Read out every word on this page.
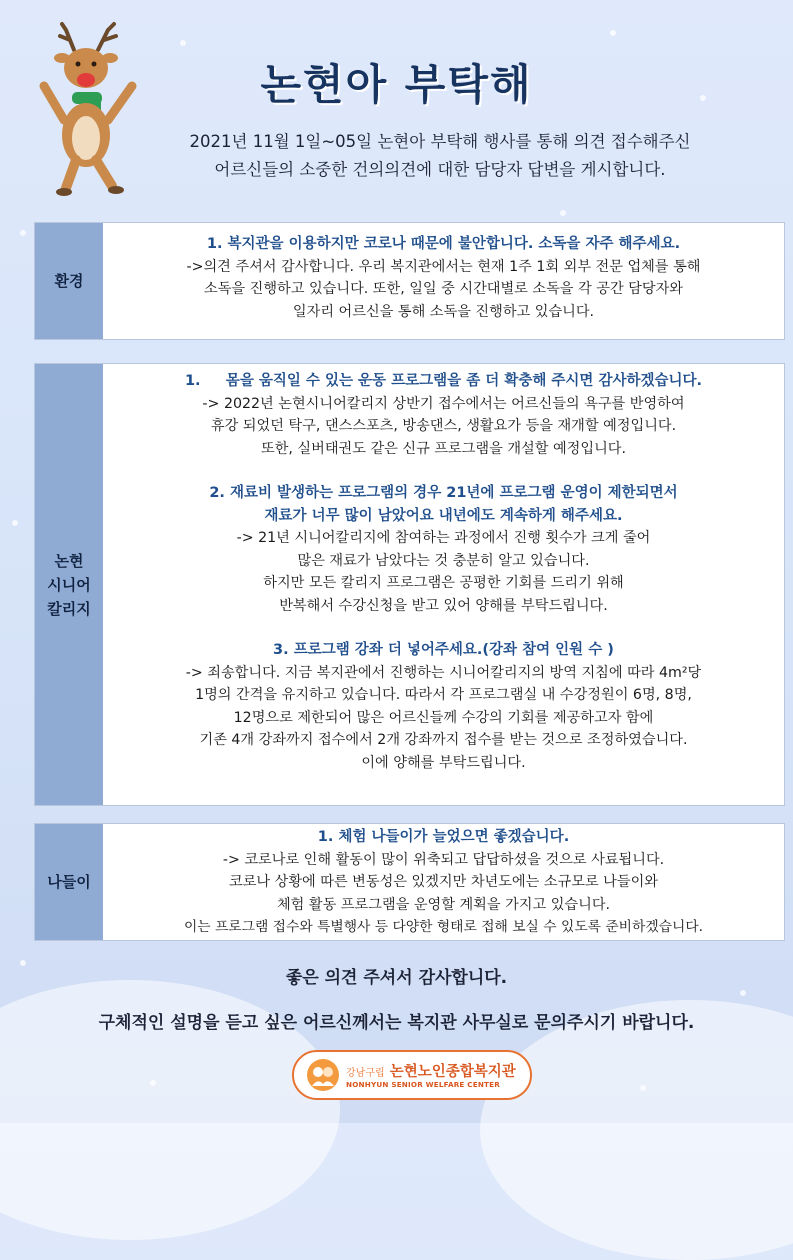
논현아 부탁해
2021년 11월 1일~05일 논현아 부탁해 행사를 통해 의견 접수해주신
어르신들의 소중한 건의의견에 대한 담당자 답변을 게시합니다.
환경
1. 복지관을 이용하지만 코로나 때문에 불안합니다. 소독을 자주 해주세요.
->의견 주셔서 감사합니다. 우리 복지관에서는 현재 1주 1회 외부 전문 업체를 통해
소독을 진행하고 있습니다. 또한, 일일 중 시간대별로 소독을 각 공간 담당자와
일자리 어르신을 통해 소독을 진행하고 있습니다.
논현
시니어
칼리지
1.     몸을 움직일 수 있는 운동 프로그램을 좀 더 확충해 주시면 감사하겠습니다.
-> 2022년 논현시니어칼리지 상반기 접수에서는 어르신들의 욕구를 반영하여
휴강 되었던 탁구, 댄스스포츠, 방송댄스, 생활요가 등을 재개할 예정입니다.
또한, 실버태권도 같은 신규 프로그램을 개설할 예정입니다.
2. 재료비 발생하는 프로그램의 경우 21년에 프로그램 운영이 제한되면서
재료가 너무 많이 남았어요 내년에도 계속하게 해주세요.
-> 21년 시니어칼리지에 참여하는 과정에서 진행 횟수가 크게 줄어
많은 재료가 남았다는 것 충분히 알고 있습니다.
하지만 모든 칼리지 프로그램은 공평한 기회를 드리기 위해
반복해서 수강신청을 받고 있어 양해를 부탁드립니다.
3. 프로그램 강좌 더 넣어주세요.(강좌 참여 인원 수 )
-> 죄송합니다. 지금 복지관에서 진행하는 시니어칼리지의 방역 지침에 따라 4m²당
1명의 간격을 유지하고 있습니다. 따라서 각 프로그램실 내 수강정원이 6명, 8명,
12명으로 제한되어 많은 어르신들께 수강의 기회를 제공하고자 함에
기존 4개 강좌까지 접수에서 2개 강좌까지 접수를 받는 것으로 조정하였습니다.
이에 양해를 부탁드립니다.
나들이
1. 체험 나들이가 늘었으면 좋겠습니다.
-> 코로나로 인해 활동이 많이 위축되고 답답하셨을 것으로 사료됩니다.
코로나 상황에 따른 변동성은 있겠지만 차년도에는 소규모로 나들이와
체험 활동 프로그램을 운영할 계획을 가지고 있습니다.
이는 프로그램 접수와 특별행사 등 다양한 형태로 접해 보실 수 있도록 준비하겠습니다.
좋은 의견 주셔서 감사합니다.
구체적인 설명을 듣고 싶은 어르신께서는 복지관 사무실로 문의주시기 바랍니다.
강남구립 논현노인종합복지관
NONHYUN SENIOR WELFARE CENTER
